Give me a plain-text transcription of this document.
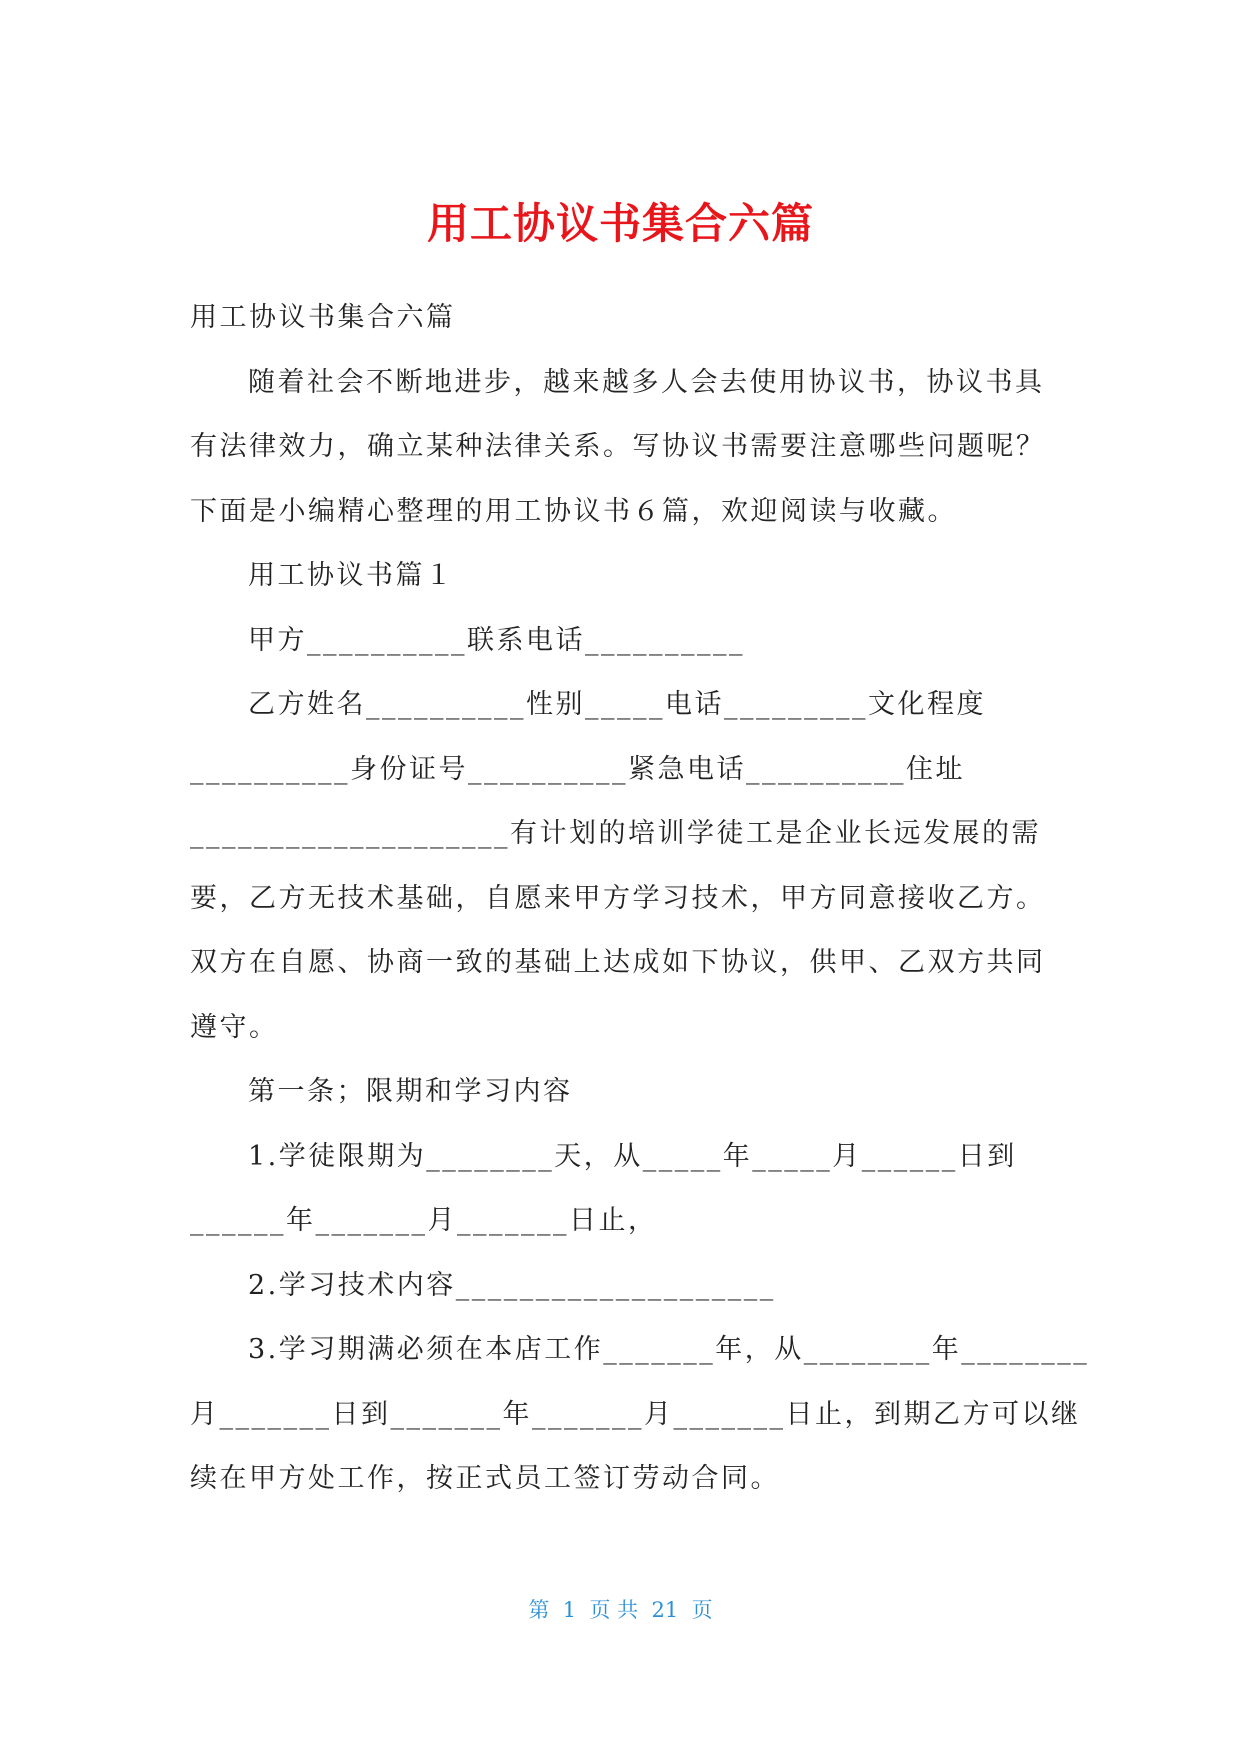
用工协议书集合六篇

用工协议书集合六篇

随着社会不断地进步，越来越多人会去使用协议书，协议书具

有法律效力，确立某种法律关系。写协议书需要注意哪些问题呢？

下面是小编精心整理的用工协议书６篇，欢迎阅读与收藏。

用工协议书篇１

甲方__________联系电话__________

乙方姓名__________性别_____电话_________文化程度

__________身份证号__________紧急电话__________住址

____________________有计划的培训学徒工是企业长远发展的需

要，乙方无技术基础，自愿来甲方学习技术，甲方同意接收乙方。

双方在自愿、协商一致的基础上达成如下协议，供甲、乙双方共同

遵守。

第一条；限期和学习内容

1.学徒限期为________天，从_____年_____月______日到

______年_______月_______日止，

2.学习技术内容____________________

3.学习期满必须在本店工作_______年，从________年________

月_______日到_______年_______月_______日止，到期乙方可以继

续在甲方处工作，按正式员工签订劳动合同。

第  1  页 共  21  页
